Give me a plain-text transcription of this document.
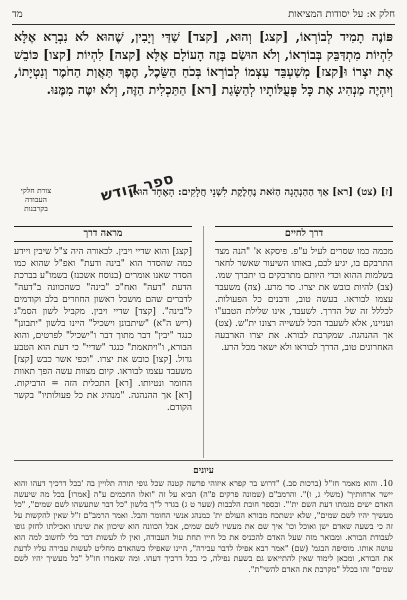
חלק א: על יסודות המציאות
מד
פּוֹנֶה תָמִיד לְבוֹרְאוֹ, [קצג] וְהוּא, [קצד] שַׁדַּי וְיָבִין, שֶׁהוּא לֹא נִבְרָא אֶלָּא לִהְיוֹת מִתְדַּבֵּק בְּבוֹרְאוֹ, וְלֹא הוּשַׂם בָּזֶה הָעוֹלָם אֶלָּא [קצה] לִהְיוֹת [קצו] כּוֹבֵשׁ אֶת יִצְרוֹ וּ[קצז] מְשַׁעְבֵּד עַצְמוֹ לְבוֹרְאוֹ בְּכֹחַ הַשֵּׂכֶל, הֶפֶךְ תַּאֲוַת הַחֹמֶר וְנִטְיָתוֹ, וְיִהְיֶה מַנְהִיג אֶת כָּל פְּעֻלּוֹתָיו לְהַשָּׂגַת [רא] הַתַּכְלִית הַזֶּה, וְלֹא יִטֶּה מִמֶּנּוּ.
[ז] (צט) [רא] אַךְ הַהַנְהָגָה הַזֹּאת נֶחְלֶקֶת לִשְׁנֵי חֲלָקִים: הָאֶחָד הוּא
צורת חלקי העבודה בקרבנות
ספר קודש
דרך לחיים
מכמה כמו שסרים לעיל ע"פ. פיסקא א' "הנה מצד התרבקם בו, יגיע לכם, באותו השיעור שאשר לחאר בשלמות ההוא וכדי היותם מתרבקים בו יתברך שמו. (צב) להיות כובש את יצרו. סר מרע. (צה) משעבד עצמו לבוראו. בעשה טוב, ודבנים כל הפעולות. לכללל זה של הדרך. לשעבד, אינו שלילת הטבע"ו ועניינו, אלא לשעבד הכל לעשייה רצונו ית"ש. (צט) אך ההנהגה. שמקרבת לבורא. את יצרו הארבעה האחרונים טוב, הדרך לבוראו ולא ישאר מכל הרע.
מראה דרך
[קצג] והוא שדיי ויבין. לכאורה היה צ"ל שיבין ויידע כמה שהסדר הוא "בינה ודעת" ואפ"ל שהוא כמו הסדר שאנו אומרים (בנוסח אשכנז) בשמו"ע בברכת הדעת "דעה" ואח"כ "בינה" כשהכוונה ב"דעה" לדברים שהם מושכל ראשון החוזרים בלב וקודמים ל"בינה". [קצד] שדיי ויבין. מקביל לשון הסמ"ג (ריש ה"א) "שיתבונן וישכיל" היינו בלשון "יתבונן" כנגד "יבין" דבר מתוך דבר ו"ישכיל" לפרטים, והוא הבורא, ו"ויתאמת" כנגד "שדיי" כי דעת הוא הטבע גדול. [קצו] כובש את יצרו. "וכפי אשר כבש [קצז] משעבד עצמו לבוראו. קיום מצוות עשה הפך תאוות החומר ונטיותו. [רא] התכלית הזה = הדביקות. [רא] אך ההנהגה. "מנהיג את כל פעולותיו" בקשר הקודם.
עיונים
10. והוא מאמר חז"ל (ברכות סב.) "דרוש בר קפרא איזוהי פרשה קטנה שכל גופי תורה תלויין בה 'בכל דרכיך דעהו והוא יישר ארחותיך' (משלי ג, ו)". והרמב"ם (שמונה פרקים פ"ה) הביא על זה "ואלו החכמים ע"ה [אמרו] בכל מה שיעשה האדם ישים מגמתו דעת השם ית'". ובספר חובת הלבבות (שער ט ג) בגדר ל"ך בלשון "כל דבר שתעשהו לשם שמים", "כל מעשיך יהיו לשם שמים", שלא ינשתכח מבורא העולם ית' כמנהג אנשי החומר והבל. ואמר הרמב"ם ז"ל שאין להקשות על זה כי בשעה שאדם ישן ואוכל וכו' איך שם את מעשיו לשם שמים, אבל הכוונה הוא שיכוון את שינתו ואכילתו לחזק גופו לעבודת הבורא. ומבואר מזה שעל האדם להכניס את כל חייו תחת עול העבודה, ואין לו לעשות דבר בלי לחשוב למה הוא עושה אותו. מוסיפה הבגמ' (שם) "אמר רבא אפילו לדבר עבירה", היינו שאפילו כשהאדם מחליט לעשות עבירה עליו לדעת את הבורא, ומכאן לימוד שאין להתייאש גם בשעת נפילה, כי בכל דרכיך דעהו. ומה שאמרו חז"ל "כל מעשיך יהיו לשם שמים" זהו בכלל "מקרבת את האדם להשי"ת".
